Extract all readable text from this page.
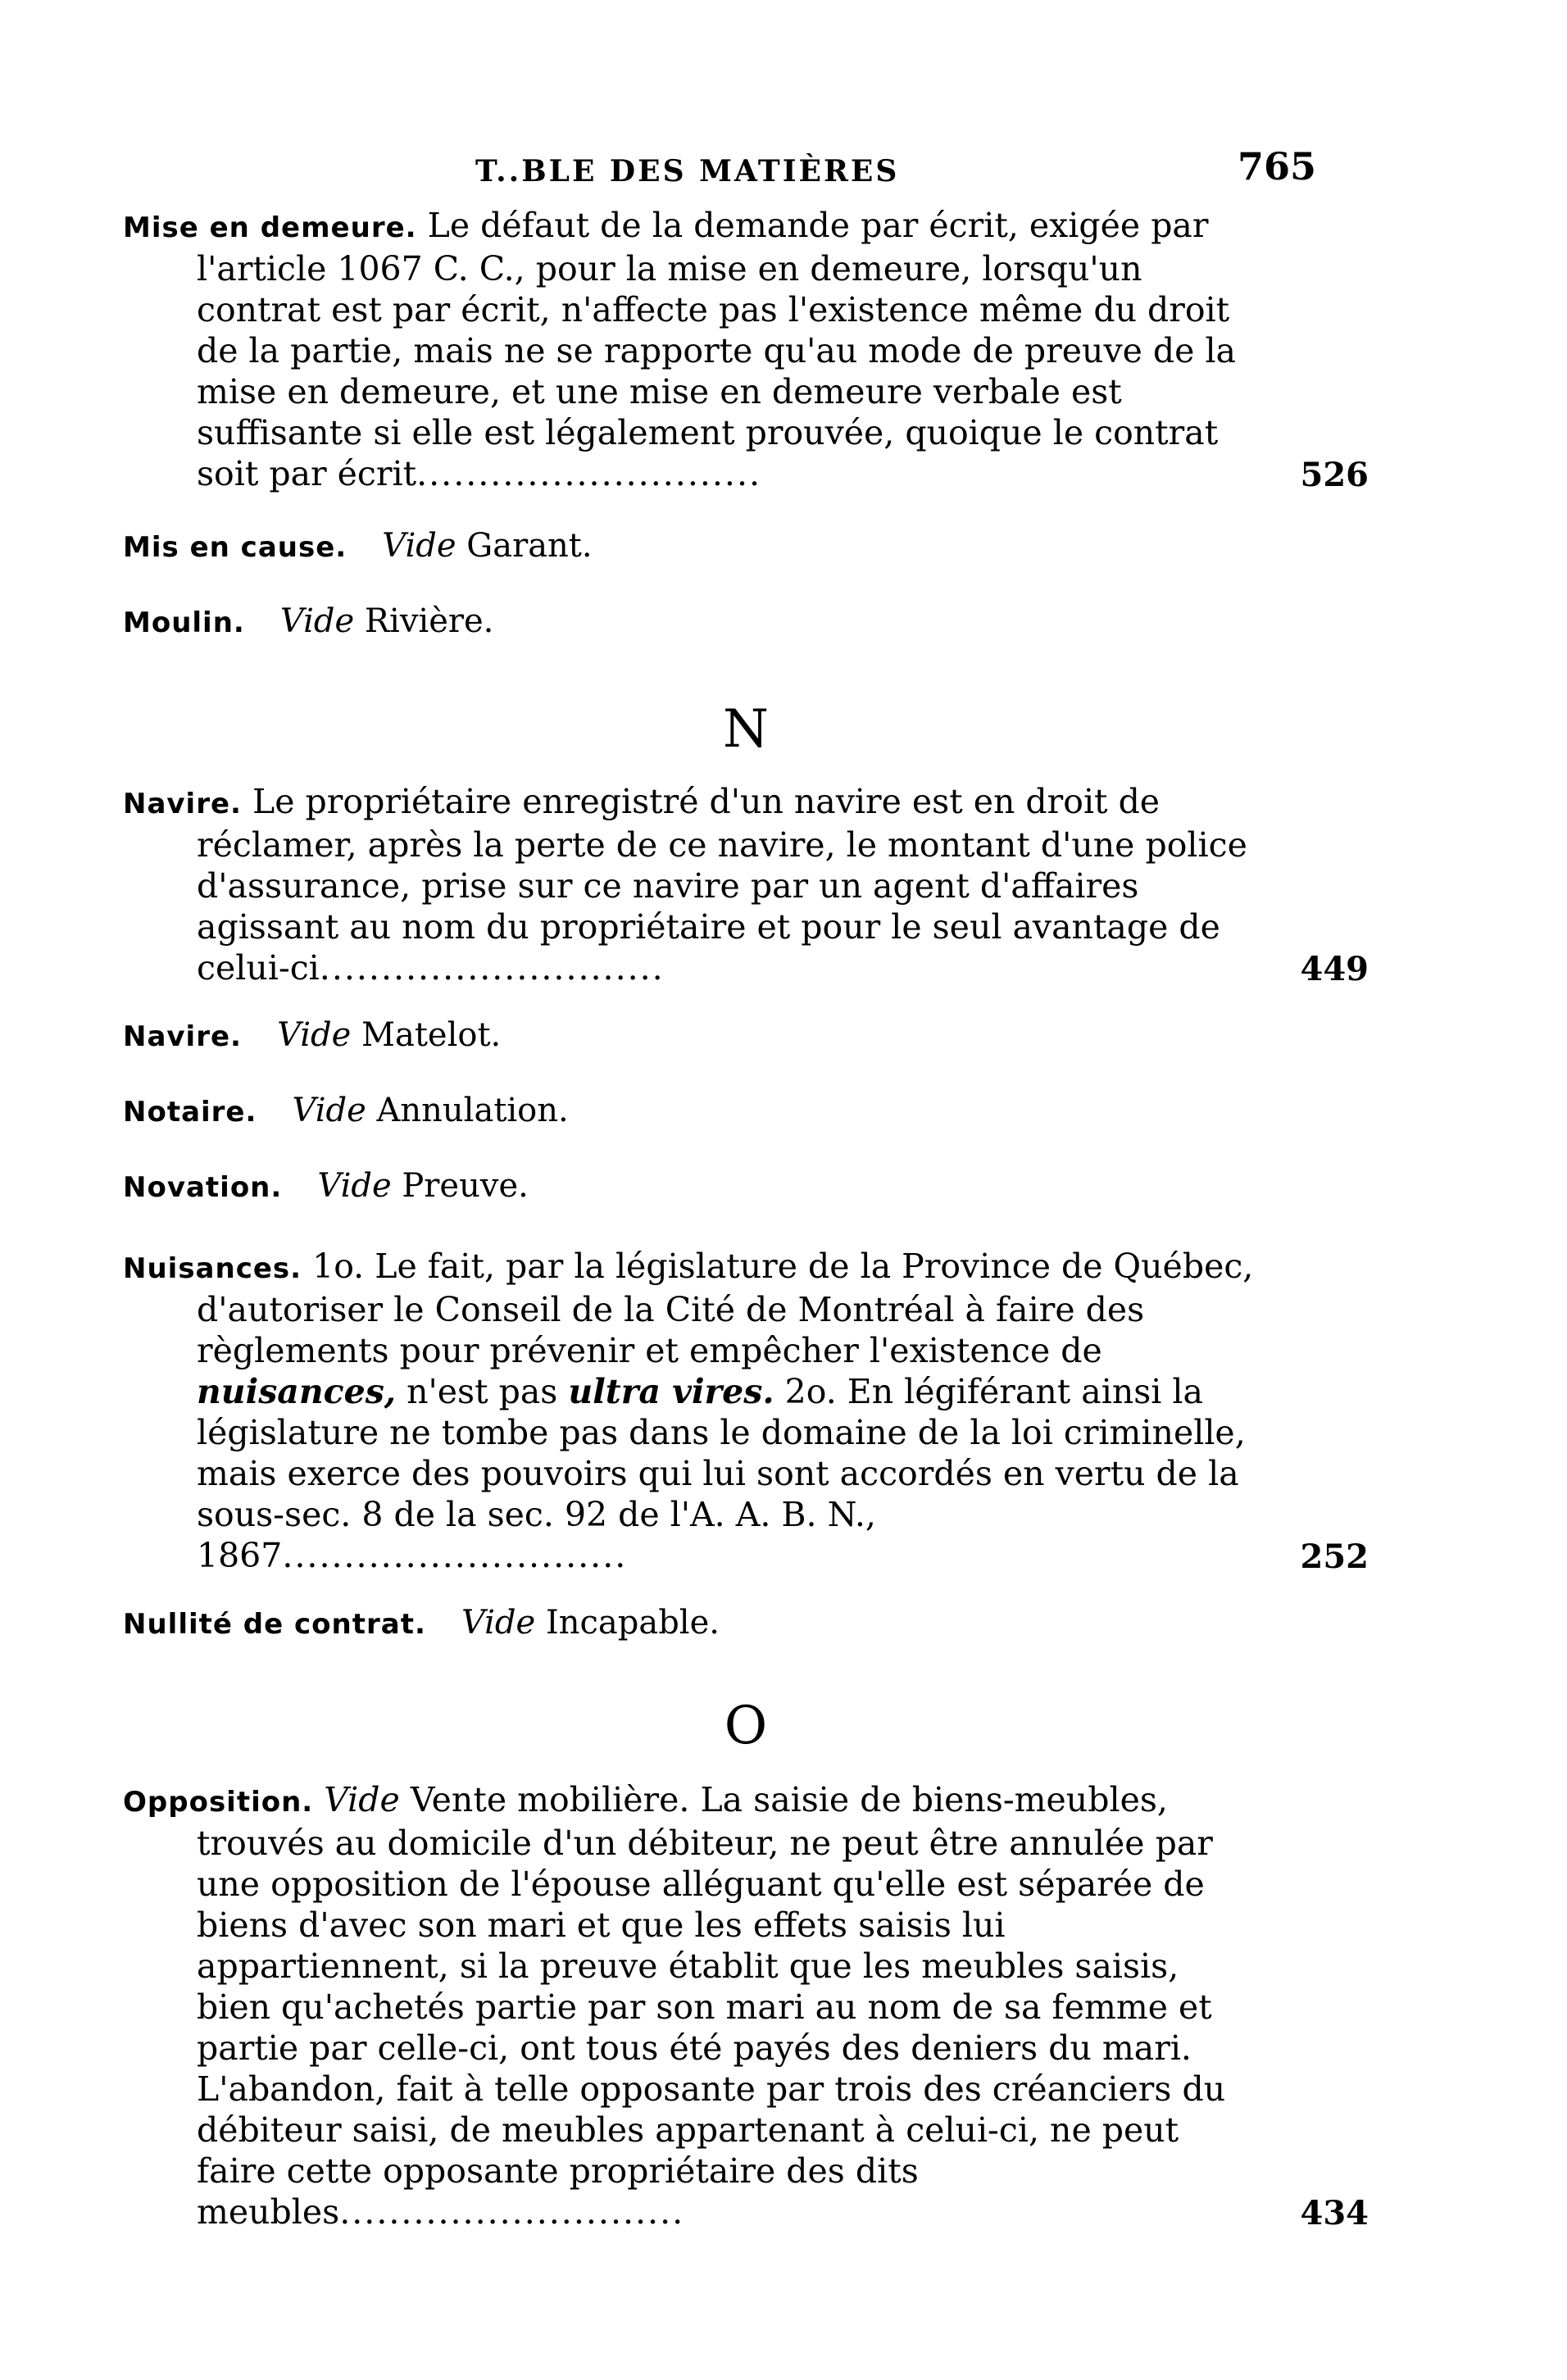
T..BLE DES MATIÈRES	765
Mise en demeure. Le défaut de la demande par écrit, exigée par l'article 1067 C. C., pour la mise en demeure, lorsqu'un contrat est par écrit, n'affecte pas l'existence même du droit de la partie, mais ne se rapporte qu'au mode de preuve de la mise en demeure, et une mise en demeure verbale est suffisante si elle est légalement prouvée, quoique le contrat soit par écrit............................	526
Mis en cause. Vide Garant.
Moulin. Vide Rivière.
N
Navire. Le propriétaire enregistré d'un navire est en droit de réclamer, après la perte de ce navire, le montant d'une police d'assurance, prise sur ce navire par un agent d'affaires agissant au nom du propriétaire et pour le seul avantage de celui-ci............................	449
Navire. Vide Matelot.
Notaire. Vide Annulation.
Novation. Vide Preuve.
Nuisances. 1o. Le fait, par la législature de la Province de Québec, d'autoriser le Conseil de la Cité de Montréal à faire des règlements pour prévenir et empêcher l'existence de nuisances, n'est pas ultra vires. 2o. En légiférant ainsi la législature ne tombe pas dans le domaine de la loi criminelle, mais exerce des pouvoirs qui lui sont accordés en vertu de la sous-sec. 8 de la sec. 92 de l'A. A. B. N., 1867............................	252
Nullité de contrat. Vide Incapable.
O
Opposition. Vide Vente mobilière. La saisie de biens-meubles, trouvés au domicile d'un débiteur, ne peut être annulée par une opposition de l'épouse alléguant qu'elle est séparée de biens d'avec son mari et que les effets saisis lui appartiennent, si la preuve établit que les meubles saisis, bien qu'achetés partie par son mari au nom de sa femme et partie par celle-ci, ont tous été payés des deniers du mari. L'abandon, fait à telle opposante par trois des créanciers du débiteur saisi, de meubles appartenant à celui-ci, ne peut faire cette opposante propriétaire des dits meubles............................	434
